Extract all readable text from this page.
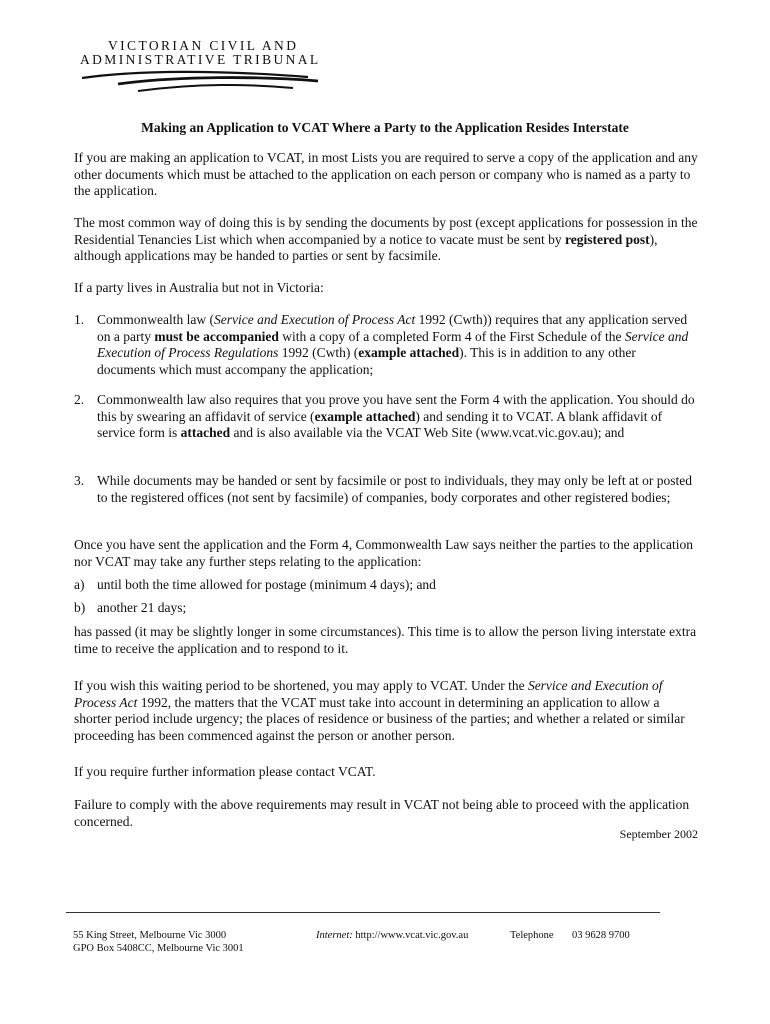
VICTORIAN CIVIL AND
ADMINISTRATIVE TRIBUNAL
Making an Application to VCAT Where a Party to the Application Resides Interstate

If you are making an application to VCAT, in most Lists you are required to serve a copy of the application and any other documents which must be attached to the application on each person or company who is named as a party to the application.

The most common way of doing this is by sending the documents by post (except applications for possession in the Residential Tenancies List which when accompanied by a notice to vacate must be sent by registered post), although applications may be handed to parties or sent by facsimile.

If a party lives in Australia but not in Victoria:

1. Commonwealth law (Service and Execution of Process Act 1992 (Cwth)) requires that any application served on a party must be accompanied with a copy of a completed Form 4 of the First Schedule of the Service and Execution of Process Regulations 1992 (Cwth) (example attached). This is in addition to any other documents which must accompany the application;
2. Commonwealth law also requires that you prove you have sent the Form 4 with the application. You should do this by swearing an affidavit of service (example attached) and sending it to VCAT. A blank affidavit of service form is attached and is also available via the VCAT Web Site (www.vcat.vic.gov.au); and
3. While documents may be handed or sent by facsimile or post to individuals, they may only be left at or posted to the registered offices (not sent by facsimile) of companies, body corporates and other registered bodies;

Once you have sent the application and the Form 4, Commonwealth Law says neither the parties to the application nor VCAT may take any further steps relating to the application:

a) until both the time allowed for postage (minimum 4 days); and
b) another 21 days;

has passed (it may be slightly longer in some circumstances). This time is to allow the person living interstate extra time to receive the application and to respond to it.

If you wish this waiting period to be shortened, you may apply to VCAT. Under the Service and Execution of Process Act 1992, the matters that the VCAT must take into account in determining an application to allow a shorter period include urgency; the places of residence or business of the parties; and whether a related or similar proceeding has been commenced against the person or another person.

If you require further information please contact VCAT.

Failure to comply with the above requirements may result in VCAT not being able to proceed with the application concerned.

September 2002
55 King Street, Melbourne Vic 3000
GPO Box 5408CC, Melbourne Vic 3001
Internet: http://www.vcat.vic.gov.au	Telephone 03 9628 9700
